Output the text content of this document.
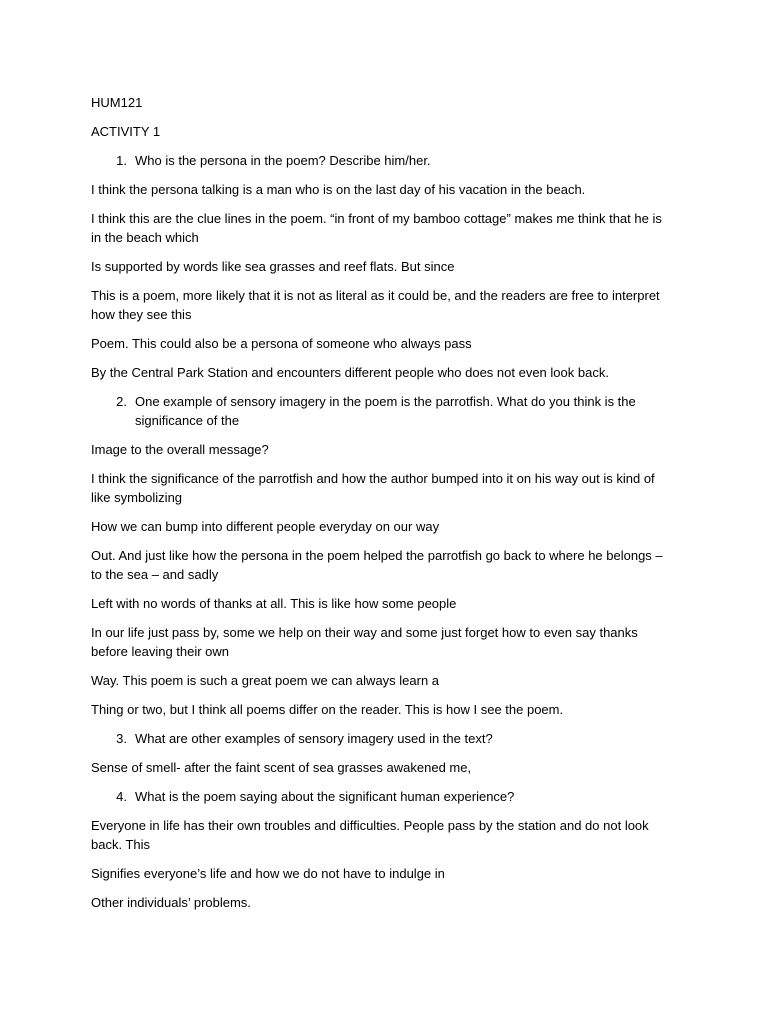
HUM121
ACTIVITY 1
1. Who is the persona in the poem? Describe him/her.
I think the persona talking is a man who is on the last day of his vacation in the beach.
I think this are the clue lines in the poem. “in front of my bamboo cottage” makes me think that he is in the beach which
Is supported by words like sea grasses and reef flats. But since
This is a poem, more likely that it is not as literal as it could be, and the readers are free to interpret how they see this
Poem. This could also be a persona of someone who always pass
By the Central Park Station and encounters different people who does not even look back.
2. One example of sensory imagery in the poem is the parrotfish. What do you think is the significance of the
Image to the overall message?
I think the significance of the parrotfish and how the author bumped into it on his way out is kind of like symbolizing
How we can bump into different people everyday on our way
Out. And just like how the persona in the poem helped the parrotfish go back to where he belongs – to the sea – and sadly
Left with no words of thanks at all. This is like how some people
In our life just pass by, some we help on their way and some just forget how to even say thanks before leaving their own
Way. This poem is such a great poem we can always learn a
Thing or two, but I think all poems differ on the reader. This is how I see the poem.
3. What are other examples of sensory imagery used in the text?
Sense of smell- after the faint scent of sea grasses awakened me,
4. What is the poem saying about the significant human experience?
Everyone in life has their own troubles and difficulties. People pass by the station and do not look back. This
Signifies everyone’s life and how we do not have to indulge in
Other individuals’ problems.
